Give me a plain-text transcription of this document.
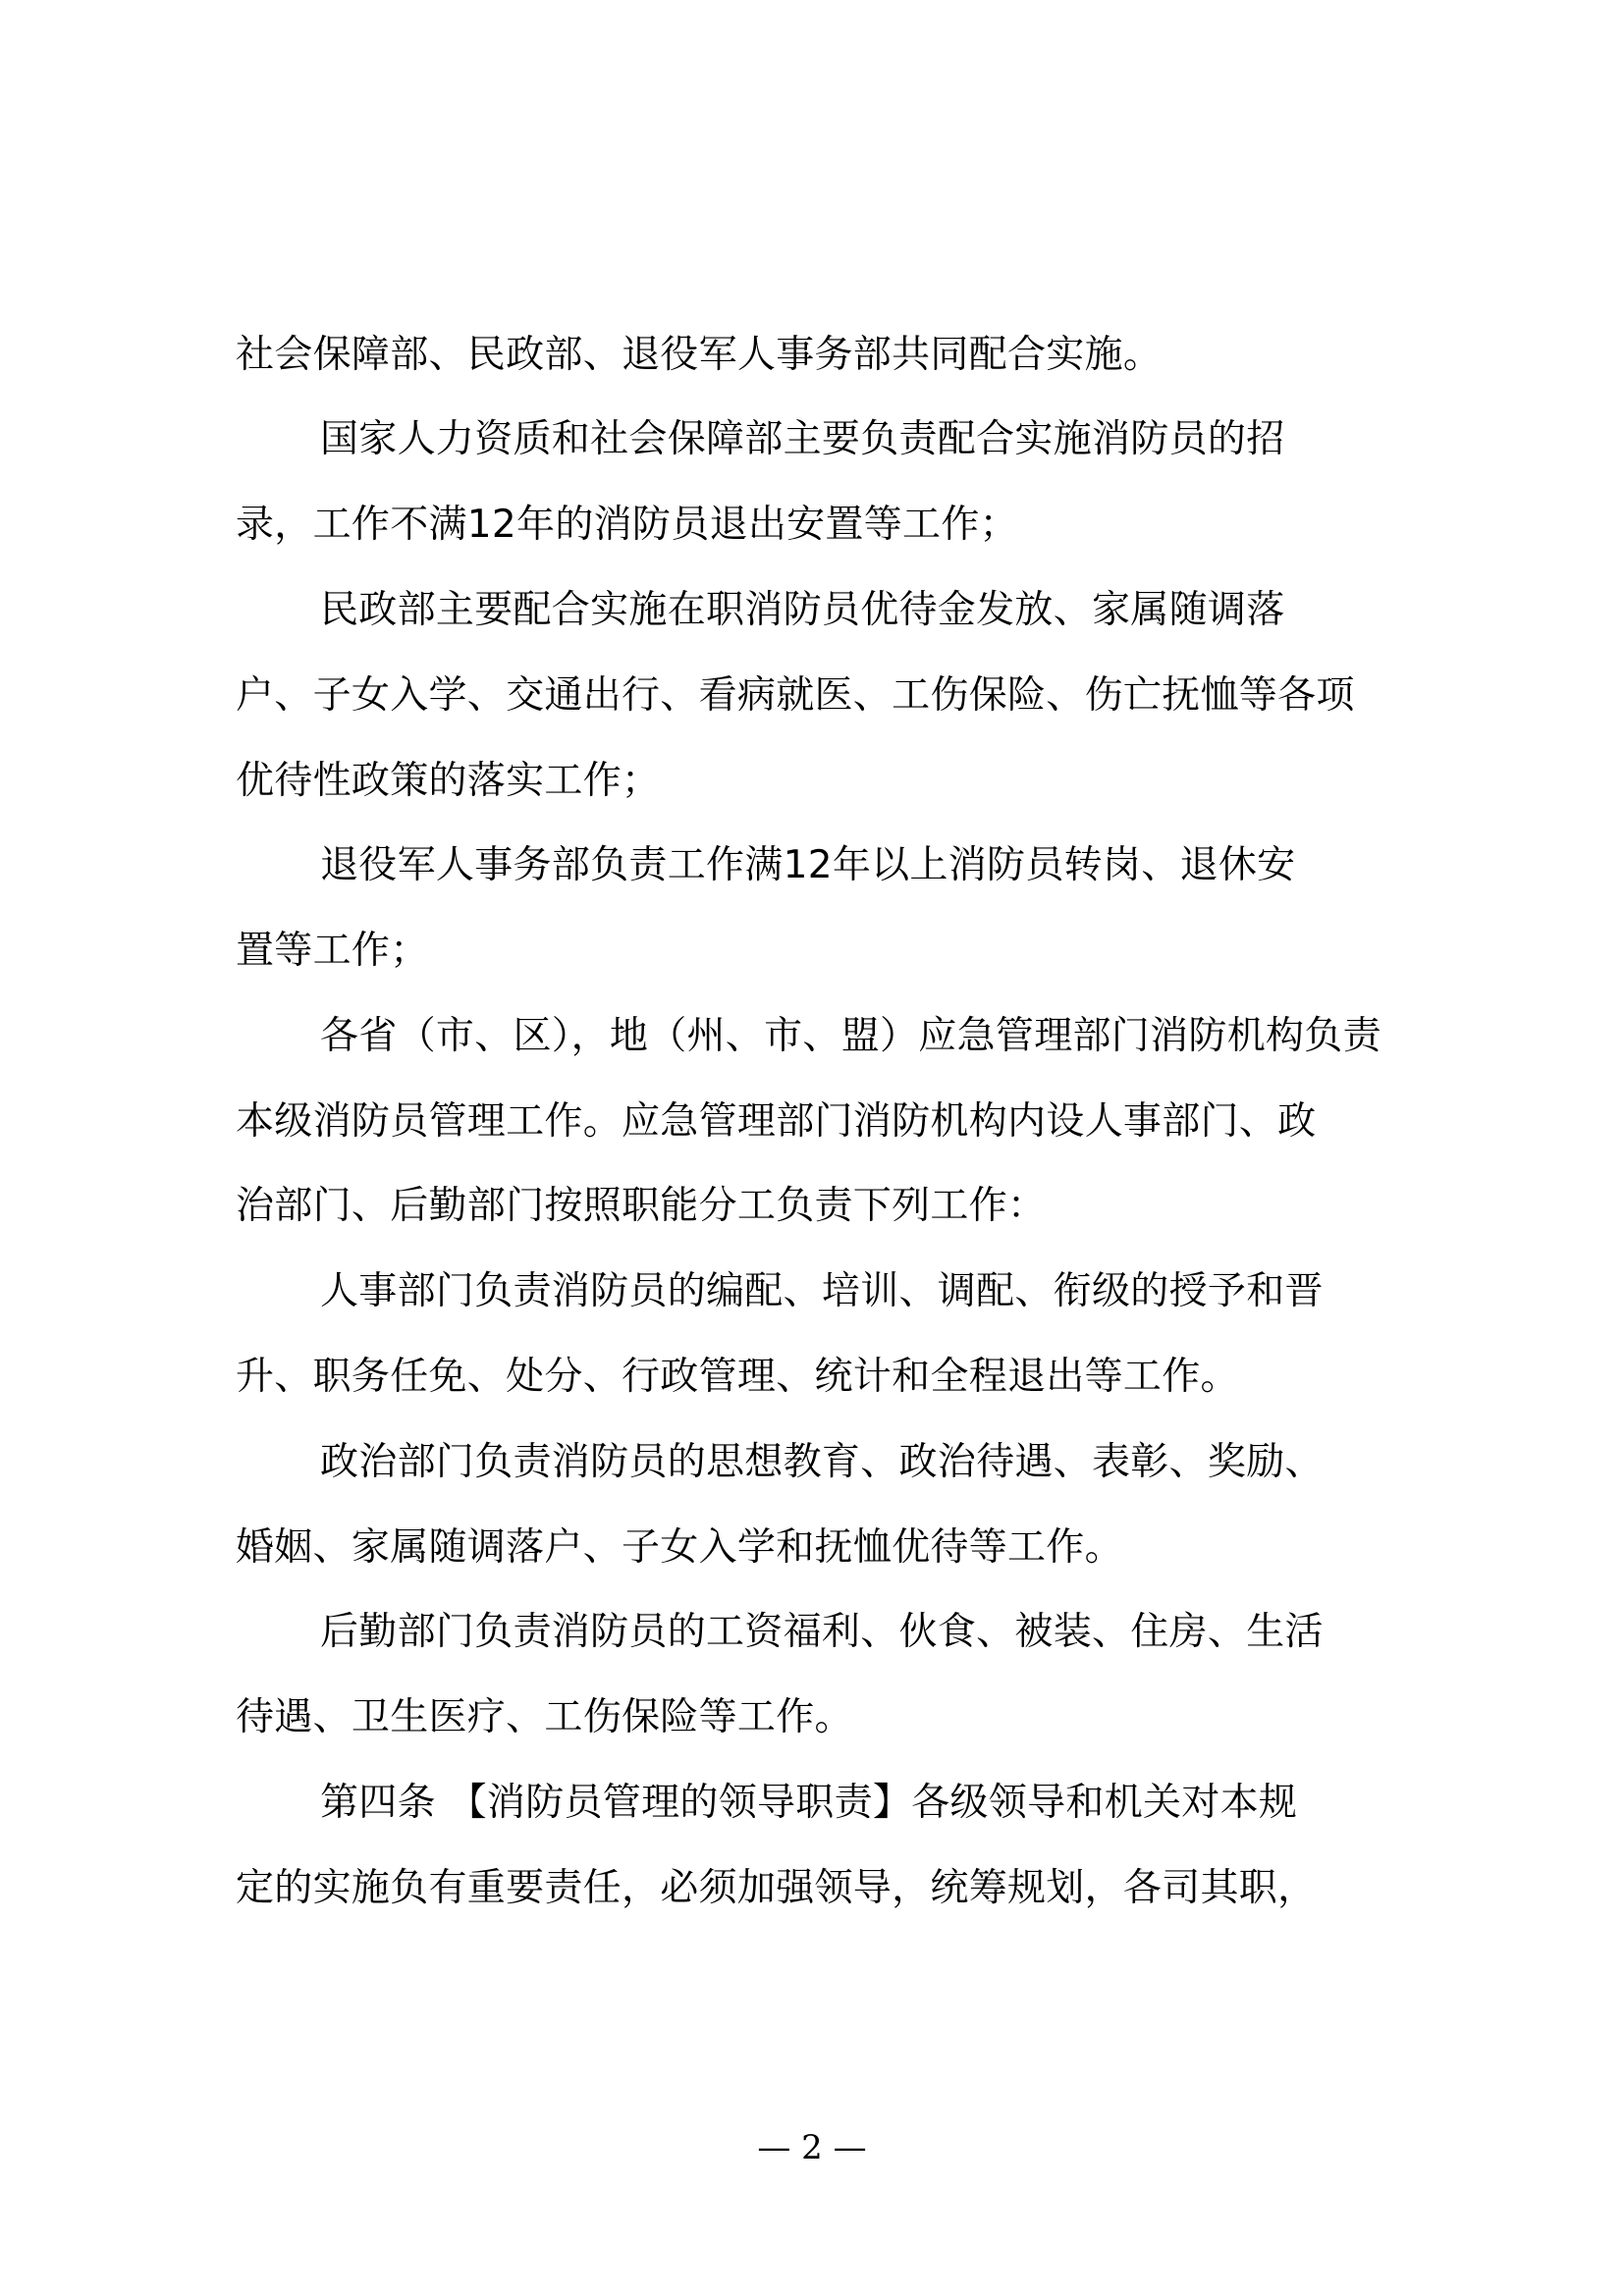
社会保障部、民政部、退役军人事务部共同配合实施。
国家人力资质和社会保障部主要负责配合实施消防员的招
录，工作不满12年的消防员退出安置等工作；
民政部主要配合实施在职消防员优待金发放、家属随调落
户、子女入学、交通出行、看病就医、工伤保险、伤亡抚恤等各项
优待性政策的落实工作；
退役军人事务部负责工作满12年以上消防员转岗、退休安
置等工作；
各省（市、区），地（州、市、盟）应急管理部门消防机构负责
本级消防员管理工作。应急管理部门消防机构内设人事部门、政
治部门、后勤部门按照职能分工负责下列工作：
人事部门负责消防员的编配、培训、调配、衔级的授予和晋
升、职务任免、处分、行政管理、统计和全程退出等工作。
政治部门负责消防员的思想教育、政治待遇、表彰、奖励、
婚姻、家属随调落户、子女入学和抚恤优待等工作。
后勤部门负责消防员的工资福利、伙食、被装、住房、生活
待遇、卫生医疗、工伤保险等工作。
第四条 【消防员管理的领导职责】各级领导和机关对本规
定的实施负有重要责任，必须加强领导，统筹规划，各司其职，
— 2 —
